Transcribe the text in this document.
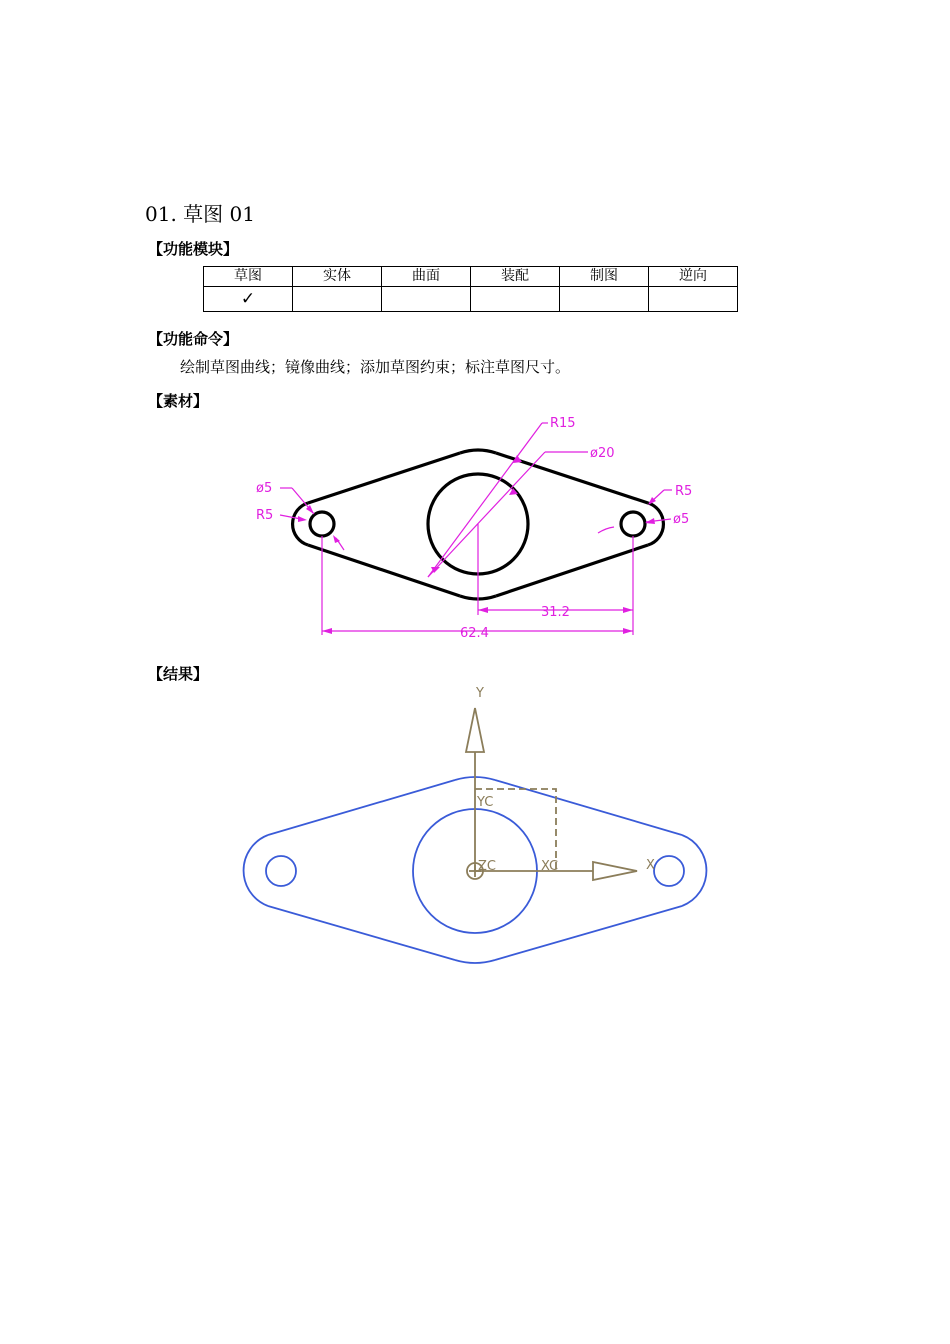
01. 草图 01
【功能模块】
草图	实体	曲面	装配	制图	逆向
✓					
【功能命令】
绘制草图曲线；镜像曲线；添加草图约束；标注草图尺寸。
【素材】
R15
ø20
ø5
R5
R5
ø5
31.2
62.4
【结果】
Y
YC
ZC	XC	X
